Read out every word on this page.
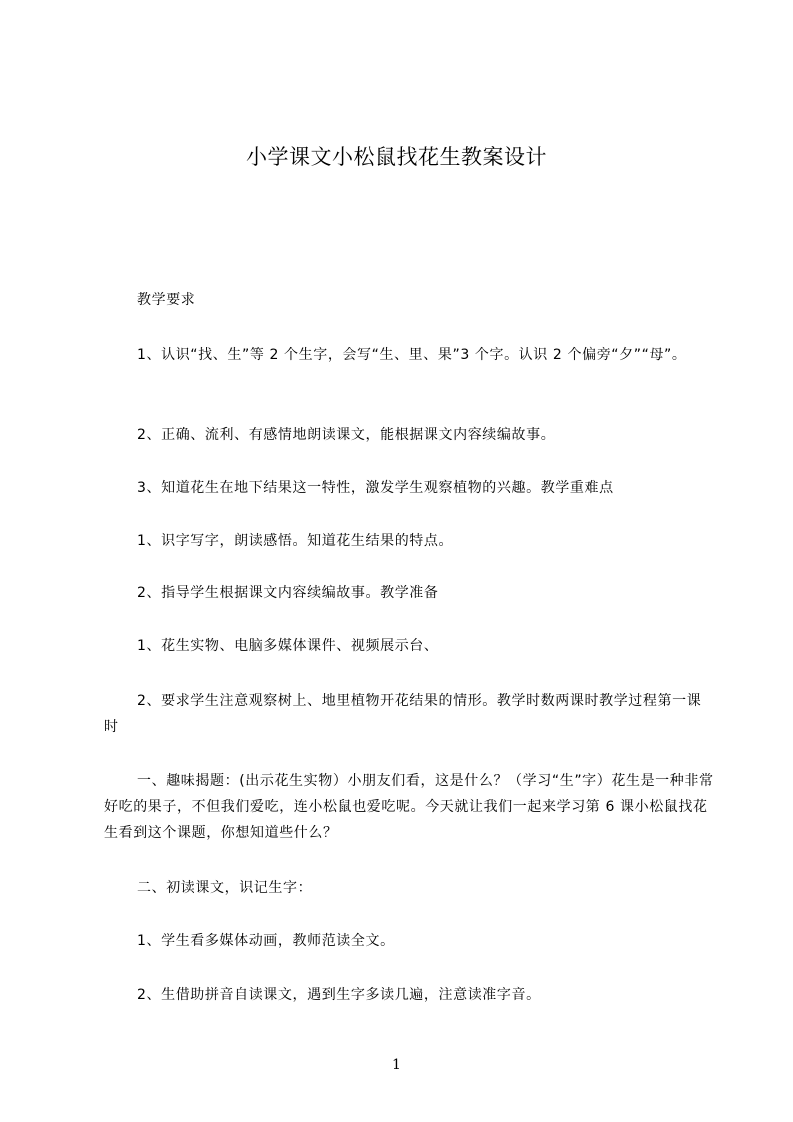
小学课文小松鼠找花生教案设计

教学要求

1、认识“找、生”等 2 个生字，会写“生、里、果”3 个字。认识 2 个偏旁“夕”“母”。

2、正确、流利、有感情地朗读课文，能根据课文内容续编故事。

3、知道花生在地下结果这一特性，激发学生观察植物的兴趣。教学重难点

1、识字写字，朗读感悟。知道花生结果的特点。

2、指导学生根据课文内容续编故事。教学准备

1、花生实物、电脑多媒体课件、视频展示台、

2、要求学生注意观察树上、地里植物开花结果的情形。教学时数两课时教学过程第一课时

一、趣味揭题：(出示花生实物）小朋友们看，这是什么？（学习“生”字）花生是一种非常好吃的果子，不但我们爱吃，连小松鼠也爱吃呢。今天就让我们一起来学习第 6 课小松鼠找花生看到这个课题，你想知道些什么？

二、初读课文，识记生字：

1、学生看多媒体动画，教师范读全文。

2、生借助拼音自读课文，遇到生字多读几遍，注意读准字音。

1
